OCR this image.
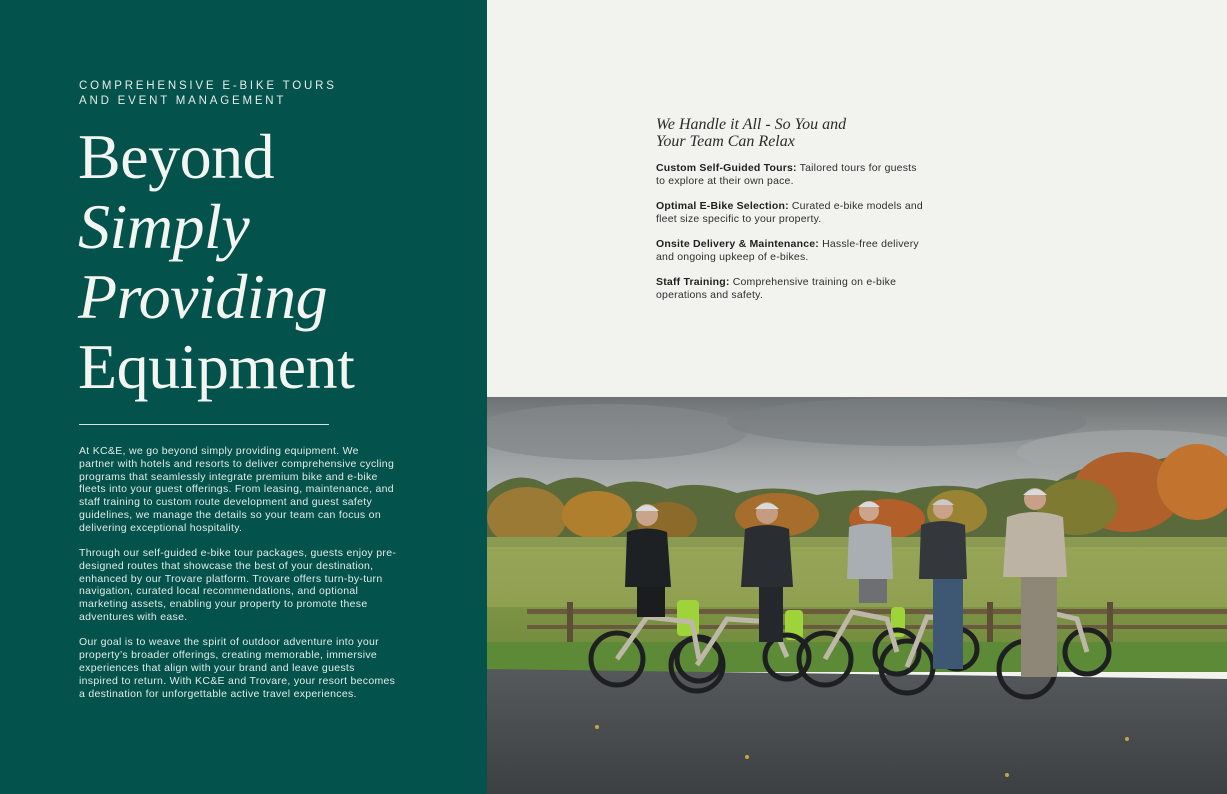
COMPREHENSIVE E-BIKE TOURS
AND EVENT MANAGEMENT
Beyond
Simply
Providing
Equipment

At KC&E, we go beyond simply providing equipment. We partner with hotels and resorts to deliver comprehensive cycling programs that seamlessly integrate premium bike and e-bike fleets into your guest offerings. From leasing, maintenance, and staff training to custom route development and guest safety guidelines, we manage the details so your team can focus on delivering exceptional hospitality.

Through our self-guided e-bike tour packages, guests enjoy pre-designed routes that showcase the best of your destination, enhanced by our Trovare platform. Trovare offers turn-by-turn navigation, curated local recommendations, and optional marketing assets, enabling your property to promote these adventures with ease.

Our goal is to weave the spirit of outdoor adventure into your property’s broader offerings, creating memorable, immersive experiences that align with your brand and leave guests inspired to return. With KC&E and Trovare, your resort becomes a destination for unforgettable active travel experiences.

We Handle it All - So You and
Your Team Can Relax
Custom Self-Guided Tours: Tailored tours for guests to explore at their own pace.
Optimal E-Bike Selection: Curated e-bike models and fleet size specific to your property.
Onsite Delivery & Maintenance: Hassle-free delivery and ongoing upkeep of e-bikes.
Staff Training: Comprehensive training on e-bike operations and safety.
